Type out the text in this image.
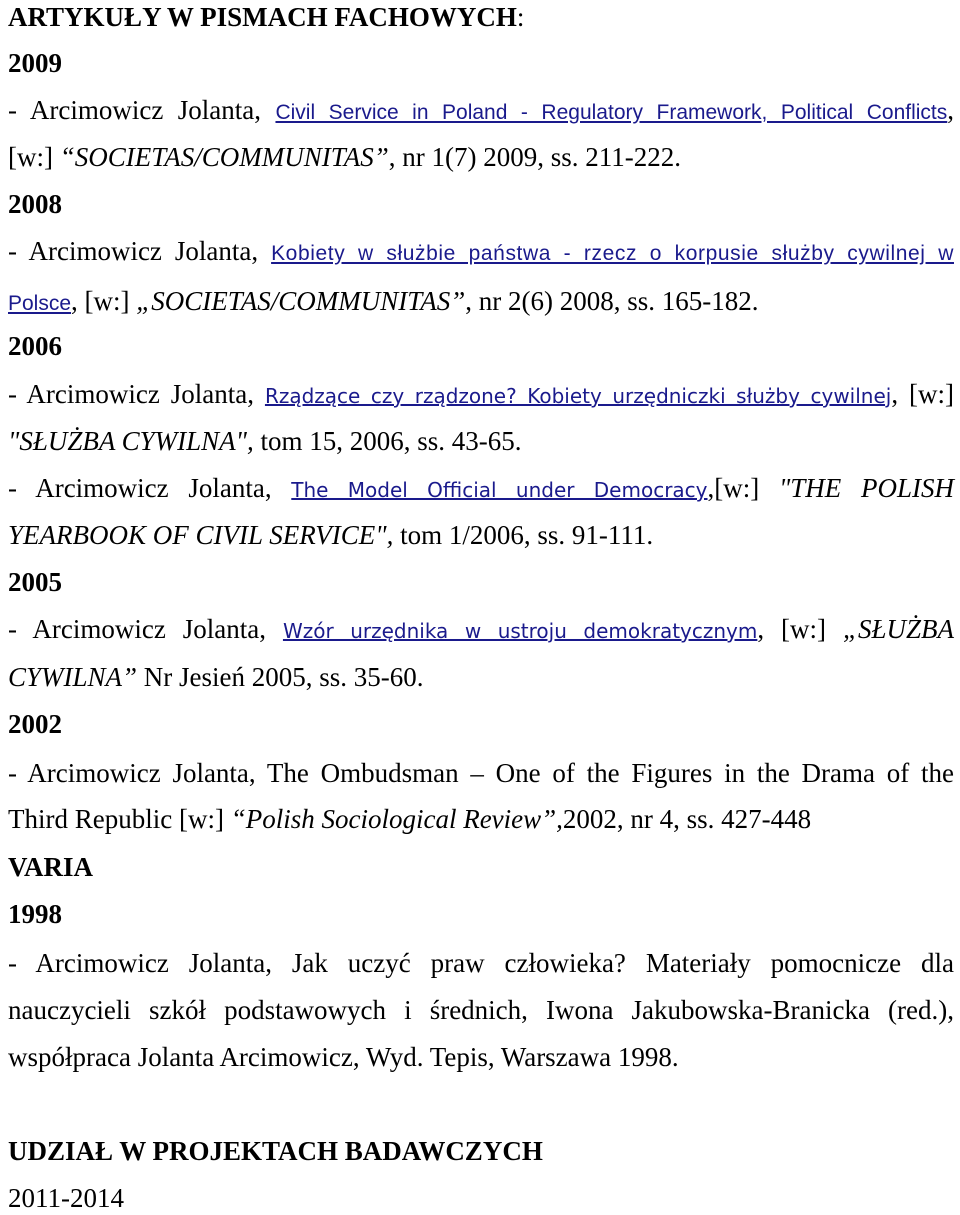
ARTYKUŁY W PISMACH FACHOWYCH:
2009
- Arcimowicz Jolanta, Civil Service in Poland - Regulatory Framework, Political Conflicts,
[w:] “SOCIETAS/COMMUNITAS”, nr 1(7) 2009, ss. 211-222.
2008
- Arcimowicz Jolanta, Kobiety w służbie państwa - rzecz o korpusie służby cywilnej w
Polsce, [w:] „SOCIETAS/COMMUNITAS”, nr 2(6) 2008, ss. 165-182.
2006
- Arcimowicz Jolanta, Rządzące czy rządzone? Kobiety urzędniczki służby cywilnej, [w:]
"SŁUŻBA CYWILNA", tom 15, 2006, ss. 43-65.
- Arcimowicz Jolanta, The Model Official under Democracy,[w:] "THE POLISH
YEARBOOK OF CIVIL SERVICE", tom 1/2006, ss. 91-111.
2005
- Arcimowicz Jolanta, Wzór urzędnika w ustroju demokratycznym, [w:] „SŁUŻBA
CYWILNA” Nr Jesień 2005, ss. 35-60.
2002
- Arcimowicz Jolanta, The Ombudsman – One of the Figures in the Drama of the
Third Republic [w:] “Polish Sociological Review”,2002, nr 4, ss. 427-448
VARIA
1998
- Arcimowicz Jolanta, Jak uczyć praw człowieka? Materiały pomocnicze dla
nauczycieli szkół podstawowych i średnich, Iwona Jakubowska-Branicka (red.),
współpraca Jolanta Arcimowicz, Wyd. Tepis, Warszawa 1998.
UDZIAŁ W PROJEKTACH BADAWCZYCH
2011-2014
